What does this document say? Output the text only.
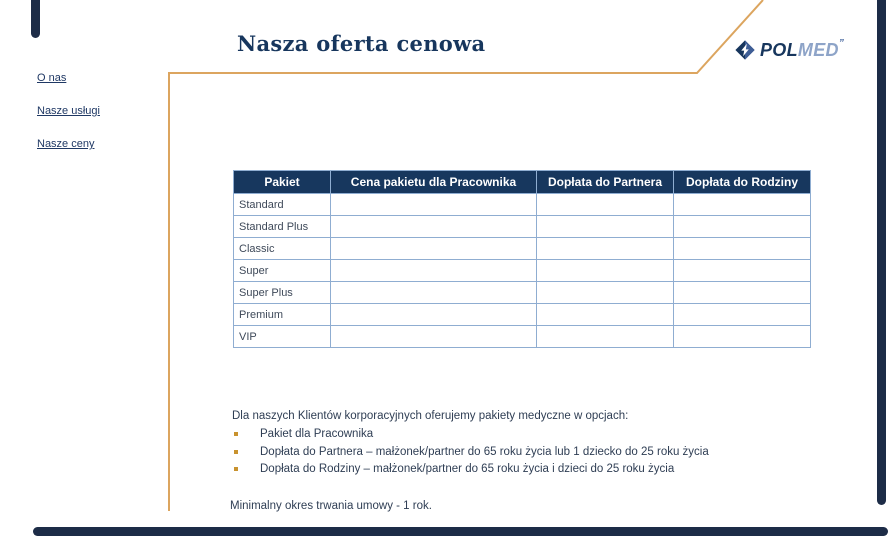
Nasza oferta cenowa	POLMED”
O nas
Nasze usługi
Nasze ceny
Pakiet	Cena pakietu dla Pracownika	Dopłata do Partnera	Dopłata do Rodziny
Standard			
Standard Plus			
Classic			
Super			
Super Plus			
Premium			
VIP			
Dla naszych Klientów korporacyjnych oferujemy pakiety medyczne w opcjach:
Pakiet dla Pracownika
Dopłata do Partnera – małżonek/partner do 65 roku życia lub 1 dziecko do 25 roku życia
Dopłata do Rodziny – małżonek/partner do 65 roku życia i dzieci do 25 roku życia
Minimalny okres trwania umowy - 1 rok.
